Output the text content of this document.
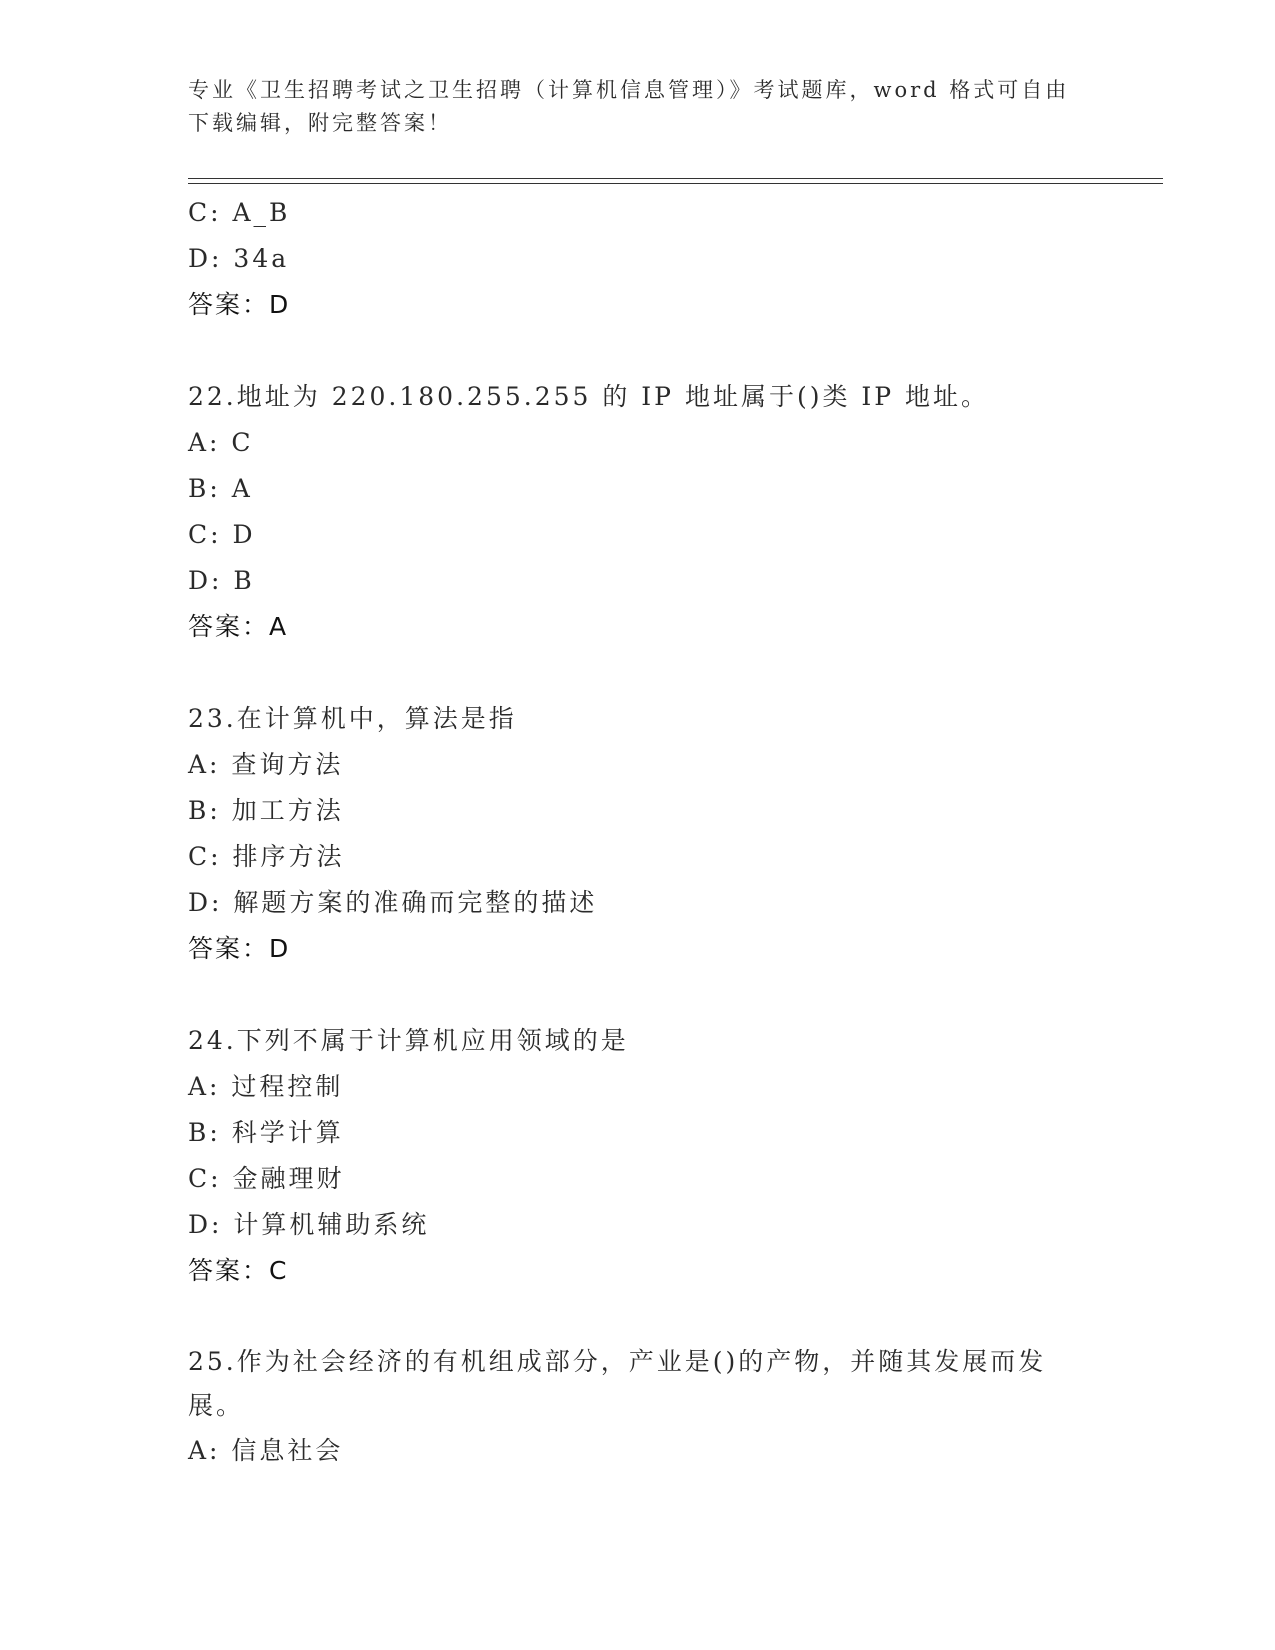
专业《卫生招聘考试之卫生招聘（计算机信息管理）》考试题库，word 格式可自由下载编辑，附完整答案！
C: A_B
D: 34a
答案：D
22.地址为 220.180.255.255 的 IP 地址属于()类 IP 地址。
A: C
B: A
C: D
D: B
答案：A
23.在计算机中，算法是指
A: 查询方法
B: 加工方法
C: 排序方法
D: 解题方案的准确而完整的描述
答案：D
24.下列不属于计算机应用领域的是
A: 过程控制
B: 科学计算
C: 金融理财
D: 计算机辅助系统
答案：C
25.作为社会经济的有机组成部分，产业是()的产物，并随其发展而发展。
A: 信息社会
